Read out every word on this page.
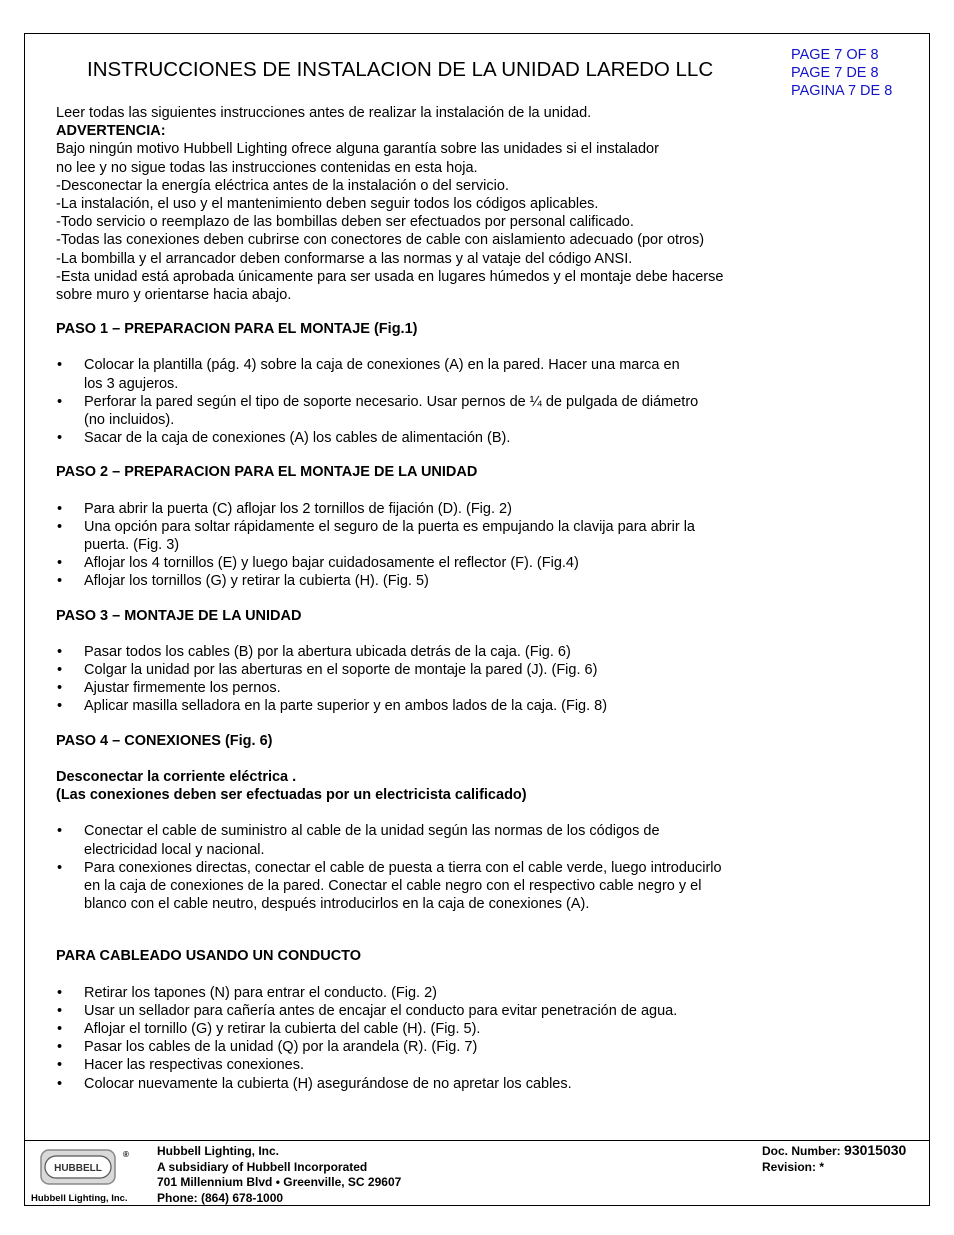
INSTRUCCIONES DE INSTALACION DE LA UNIDAD LAREDO LLC
PAGE 7 OF 8
PAGE 7 DE 8
PAGINA 7 DE 8

Leer todas las siguientes instrucciones antes de realizar la instalación de la unidad.

ADVERTENCIA:

Bajo ningún motivo Hubbell Lighting ofrece alguna garantía sobre las unidades si el instalador

no lee y no sigue todas las instrucciones contenidas en esta hoja.

-Desconectar la energía eléctrica antes de la instalación o del servicio.

-La instalación, el uso y el mantenimiento deben seguir todos los códigos aplicables.

-Todo servicio o reemplazo de las bombillas deben ser efectuados por personal calificado.

-Todas las conexiones deben cubrirse con conectores de cable con aislamiento adecuado (por otros)

-La bombilla y el arrancador deben conformarse a las normas y al vataje del código ANSI.

-Esta unidad está aprobada únicamente para ser usada en lugares húmedos y el montaje debe hacerse

sobre muro y orientarse hacia abajo.

PASO 1 – PREPARACION PARA EL MONTAJE (Fig.1)

• Colocar la plantilla (pág. 4) sobre la caja de conexiones (A) en la pared. Hacer una marca en

los 3 agujeros.

• Perforar la pared según el tipo de soporte necesario. Usar pernos de ¼ de pulgada de diámetro

(no incluidos).

• Sacar de la caja de conexiones (A) los cables de alimentación (B).

PASO 2 – PREPARACION PARA EL MONTAJE DE LA UNIDAD

• Para abrir la puerta (C) aflojar los 2 tornillos de fijación (D). (Fig. 2)

• Una opción para soltar rápidamente el seguro de la puerta es empujando la clavija para abrir la

puerta. (Fig. 3)

• Aflojar los 4 tornillos (E) y luego bajar cuidadosamente el reflector (F). (Fig.4)

• Aflojar los tornillos (G) y retirar la cubierta (H). (Fig. 5)

PASO 3 – MONTAJE DE LA UNIDAD

• Pasar todos los cables (B) por la abertura ubicada detrás de la caja. (Fig. 6)

• Colgar la unidad por las aberturas en el soporte de montaje la pared (J). (Fig. 6)

• Ajustar firmemente los pernos.

• Aplicar masilla selladora en la parte superior y en ambos lados de la caja. (Fig. 8)

PASO 4 – CONEXIONES (Fig. 6)

Desconectar la corriente eléctrica .

(Las conexiones deben ser efectuadas por un electricista calificado)

• Conectar el cable de suministro al cable de la unidad según las normas de los códigos de

electricidad local y nacional.

• Para conexiones directas, conectar el cable de puesta a tierra con el cable verde, luego introducirlo

en la caja de conexiones de la pared. Conectar el cable negro con el respectivo cable negro y el

blanco con el cable neutro, después introducirlos en la caja de conexiones (A).

PARA CABLEADO USANDO UN CONDUCTO

• Retirar los tapones (N) para entrar el conducto. (Fig. 2)

• Usar un sellador para cañería antes de encajar el conducto para evitar penetración de agua.

• Aflojar el tornillo (G) y retirar la cubierta del cable (H). (Fig. 5).

• Pasar los cables de la unidad (Q) por la arandela (R). (Fig. 7)

• Hacer las respectivas conexiones.

• Colocar nuevamente la cubierta (H) asegurándose de no apretar los cables.

HUBBELL
®
Hubbell Lighting, Inc.
Hubbell Lighting, Inc.
A subsidiary of Hubbell Incorporated
701 Millennium Blvd • Greenville, SC 29607
Phone: (864) 678-1000
Doc. Number: 93015030
Revision: *
